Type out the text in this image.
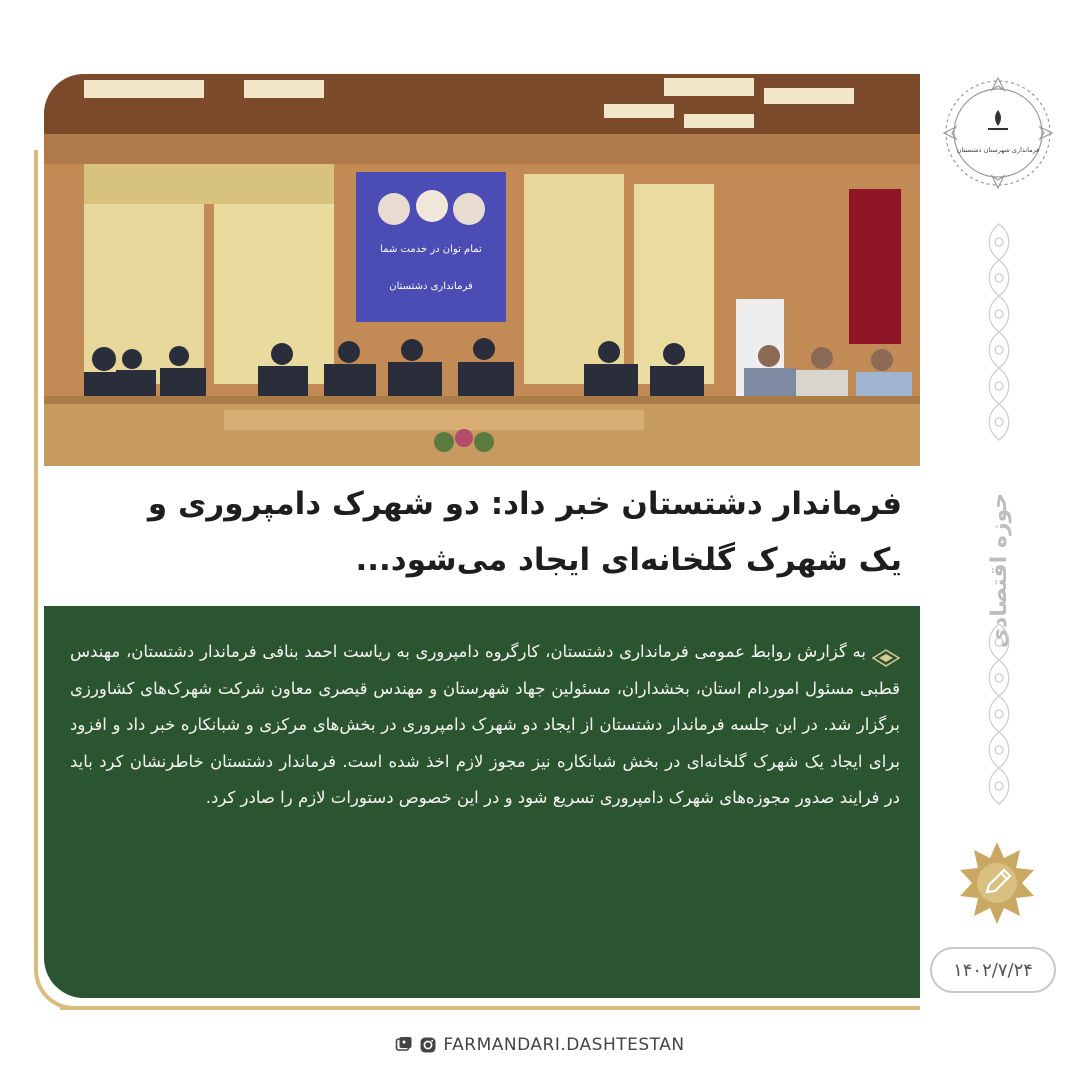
تمام توان در خدمت شما
فرمانداری دشتستان
فرماندار دشتستان خبر داد: دو شهرک دامپروری و یک شهرک گلخانه‌ای ایجاد می‌شود...
به گزارش روابط عمومی فرمانداری دشتستان، کارگروه دامپروری به ریاست احمد بنافی فرماندار دشتستان، مهندس قطبی مسئول اموردام استان، بخشداران، مسئولین جهاد شهرستان و مهندس قیصری معاون شرکت شهرک‌های کشاورزی برگزار شد. در این جلسه فرماندار دشتستان از ایجاد دو شهرک دامپروری در بخش‌های مرکزی و شبانکاره خبر داد و افزود برای ایجاد یک شهرک گلخانه‌ای در بخش شبانکاره نیز مجوز لازم اخذ شده است. فرماندار دشتستان خاطرنشان کرد باید در فرایند صدور مجوزه‌های شهرک دامپروری تسریع شود و در این خصوص دستورات لازم را صادر کرد.
فرمانداری شهرستان دشتستان
حوزه اقتصادی
۱۴۰۲/۷/۲۴
FARMANDARI.DASHTESTAN
